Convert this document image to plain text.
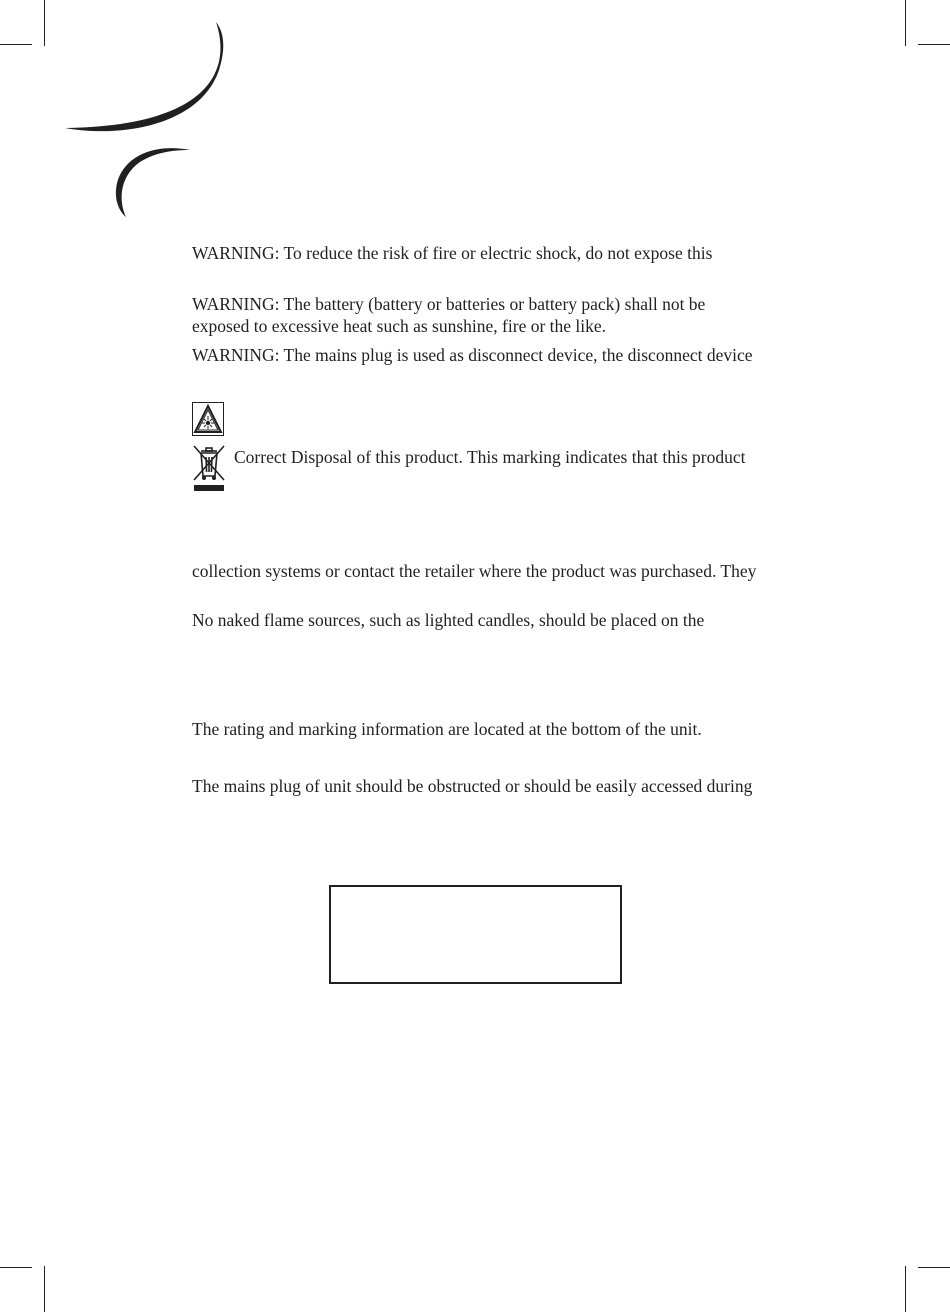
WARNING: To reduce the risk of fire or electric shock, do not expose this
WARNING: The battery (battery or batteries or battery pack) shall not be
exposed to excessive heat such as sunshine, fire or the like.
WARNING: The mains plug is used as disconnect device, the disconnect device
Correct Disposal of this product. This marking indicates that this product
collection systems or contact the retailer where the product was purchased. They
No naked flame sources, such as lighted candles, should be placed on the
The rating and marking information are located at the bottom of the unit.
The mains plug of unit should be obstructed or should be easily accessed during
